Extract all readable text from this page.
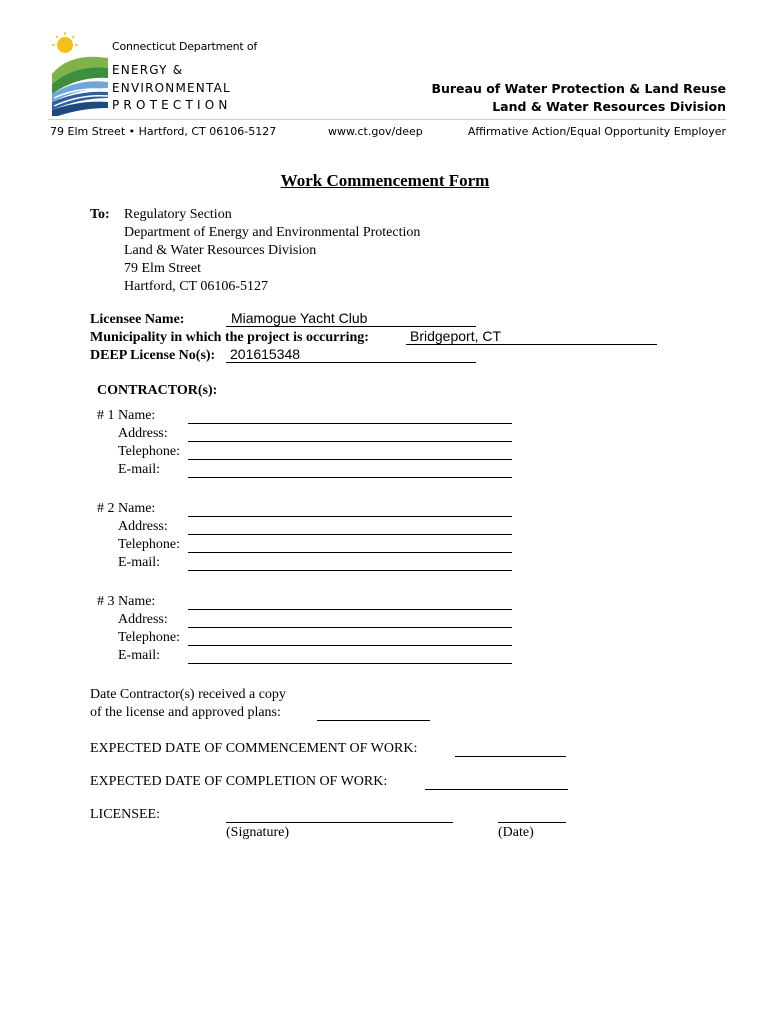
Connecticut Department of
ENERGY &
ENVIRONMENTAL
PROTECTION
Bureau of Water Protection & Land Reuse
Land & Water Resources Division
79 Elm Street • Hartford, CT 06106-5127	www.ct.gov/deep	Affirmative Action/Equal Opportunity Employer
Work Commencement Form
To: Regulatory Section
Department of Energy and Environmental Protection
Land & Water Resources Division
79 Elm Street
Hartford, CT 06106-5127
Licensee Name:	Miamogue Yacht Club
Municipality in which the project is occurring:	Bridgeport, CT
DEEP License No(s): 201615348
CONTRACTOR(s):
# 1 Name:
Address:
Telephone:
E-mail:
# 2 Name:
Address:
Telephone:
E-mail:
# 3 Name:
Address:
Telephone:
E-mail:
Date Contractor(s) received a copy
of the license and approved plans:
EXPECTED DATE OF COMMENCEMENT OF WORK:
EXPECTED DATE OF COMPLETION OF WORK:
LICENSEE:
(Signature)	(Date)
